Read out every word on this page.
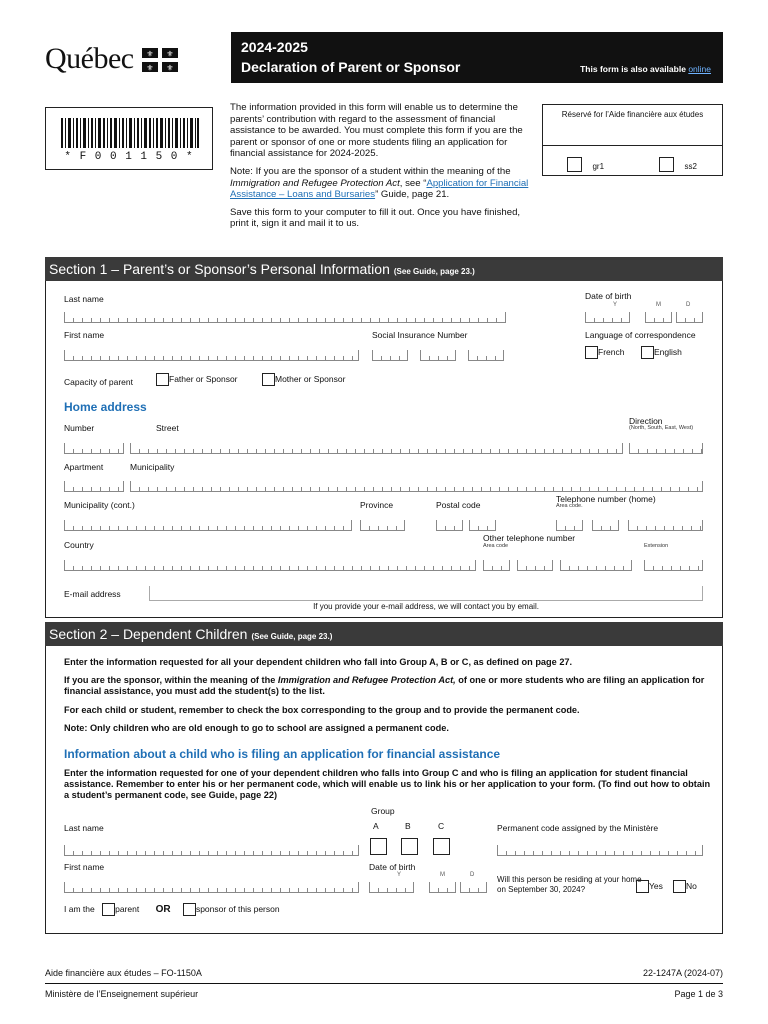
Québec ⚜ ⚜
⚜ ⚜
2024-2025
Declaration of Parent or Sponsor	This form is also available online
* F 0 0 1 1 5 0 *

The information provided in this form will enable us to determine the parents’ contribution with regard to the assessment of financial assistance to be awarded. You must complete this form if you are the parent or sponsor of one or more students filing an application for financial assistance for 2024-2025.

Note: If you are the sponsor of a student within the meaning of the Immigration and Refugee Protection Act, see “Application for Financial Assistance – Loans and Bursaries” Guide, page 21.

Save this form to your computer to fill it out. Once you have finished, print it, sign it and mail it to us.

Réservé for l’Aide financière aux études
gr1	ss2
Section 1 – Parent’s or Sponsor’s Personal Information (See Guide, page 23.)
Last name	Date of birth
Y	M	D
First name	Social Insurance Number	Language of correspondence
French	English
Capacity of parent	Father or Sponsor	Mother or Sponsor
Home address
Number	Street
Direction
(North, South, East, West)
Apartment	Municipality
Municipality (cont.)	Province	Postal code
Telephone number (home)
Area code.
Country
Other telephone number
Area code	Extension
E-mail address
If you provide your e-mail address, we will contact you by email.
Section 2 – Dependent Children (See Guide, page 23.)

Enter the information requested for all your dependent children who fall into Group A, B or C, as defined on page 27.

If you are the sponsor, within the meaning of the Immigration and Refugee Protection Act, of one or more students who are filing an application for financial assistance, you must add the student(s) to the list.

For each child or student, remember to check the box corresponding to the group and to provide the permanent code.

Note: Only children who are old enough to go to school are assigned a permanent code.

Information about a child who is filing an application for financial assistance
Enter the information requested for one of your dependent children who falls into Group C and who is filing an application for student financial assistance. Remember to enter his or her permanent code, which will enable us to link his or her application to your form. (To find out how to obtain a student’s permanent code, see Guide, page 22)
Group
A	B	C
Last name	Permanent code assigned by the Ministère
First name	Date of birth
Y	M	D	Will this person be residing at your home on September 30, 2024?	Yes	No
I am the parent OR	sponsor of this person
Aide financière aux études – FO-1150A	22-1247A (2024-07)
Ministère de l’Enseignement supérieur	Page 1 de 3
